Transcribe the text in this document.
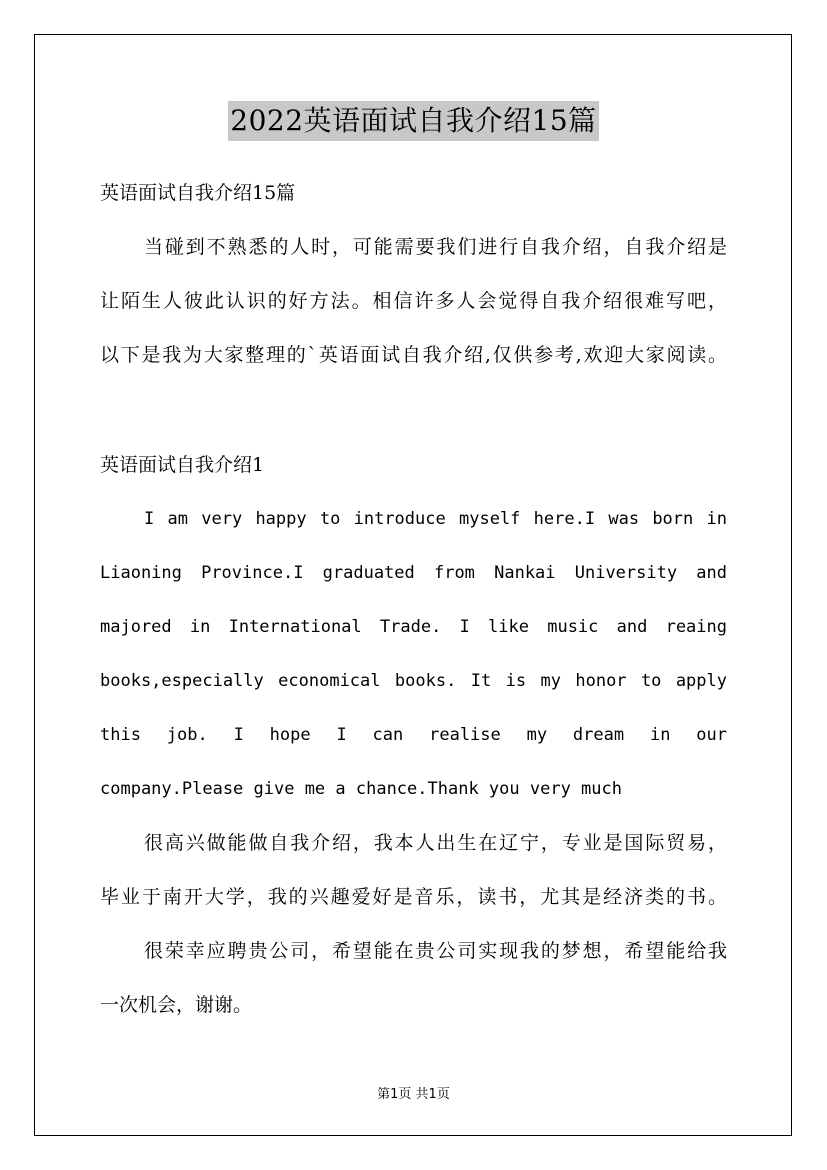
2022英语面试自我介绍15篇
英语面试自我介绍15篇
当碰到不熟悉的人时，可能需要我们进行自我介绍，自我介绍是
让陌生人彼此认识的好方法。相信许多人会觉得自我介绍很难写吧，
以下是我为大家整理的`英语面试自我介绍,仅供参考,欢迎大家阅读。
英语面试自我介绍1
I am very happy to introduce myself here.I was born in
Liaoning Province.I graduated from Nankai University and
majored in International Trade. I like music and reaing
books,especially economical books. It is my honor to apply
this job. I hope I can realise my dream in our
company.Please give me a chance.Thank you very much
很高兴做能做自我介绍，我本人出生在辽宁，专业是国际贸易，
毕业于南开大学，我的兴趣爱好是音乐，读书，尤其是经济类的书。
很荣幸应聘贵公司，希望能在贵公司实现我的梦想，希望能给我
一次机会，谢谢。
第1页 共1页
